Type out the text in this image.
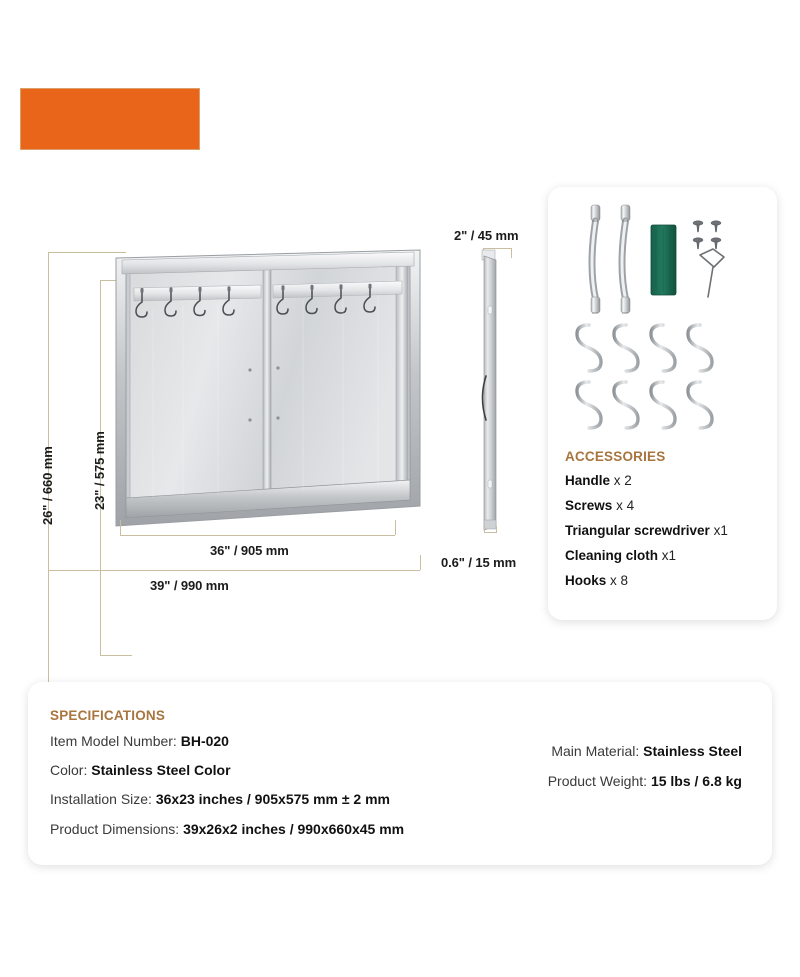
26" / 660 mm	23" / 575 mm
36" / 905 mm
39" / 990 mm
2" / 45 mm
0.6" / 15 mm
ACCESSORIES
Handle x 2
Screws x 4
Triangular screwdriver x1
Cleaning cloth x1
Hooks x 8
SPECIFICATIONS
Item Model Number: BH-020
Color: Stainless Steel Color
Installation Size: 36x23 inches / 905x575 mm ± 2 mm
Product Dimensions: 39x26x2 inches / 990x660x45 mm
Main Material: Stainless Steel
Product Weight: 15 lbs / 6.8 kg
